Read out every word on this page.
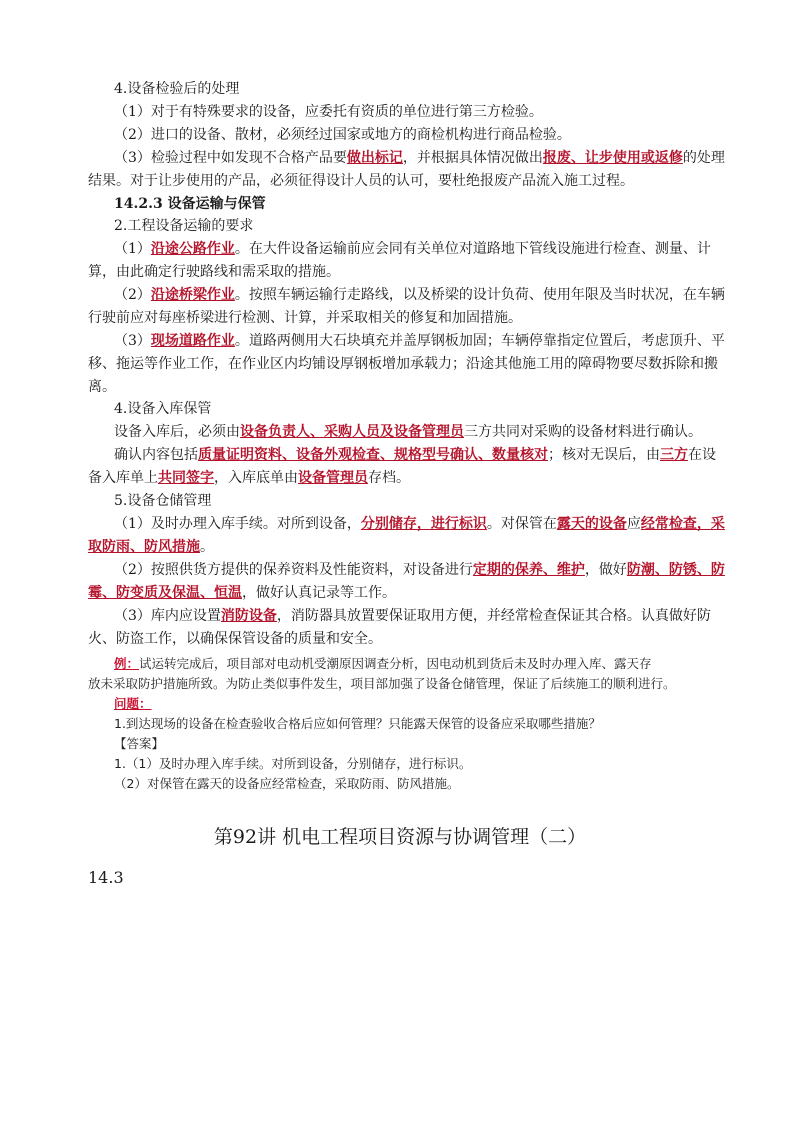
4.设备检验后的处理
（1）对于有特殊要求的设备，应委托有资质的单位进行第三方检验。
（2）进口的设备、散材，必须经过国家或地方的商检机构进行商品检验。
（3）检验过程中如发现不合格产品要做出标记，并根据具体情况做出报废、让步使用或返修的处理
结果。对于让步使用的产品，必须征得设计人员的认可，要杜绝报废产品流入施工过程。
14.2.3 设备运输与保管
2.工程设备运输的要求
（1）沿途公路作业。在大件设备运输前应会同有关单位对道路地下管线设施进行检查、测量、计
算，由此确定行驶路线和需采取的措施。
（2）沿途桥梁作业。按照车辆运输行走路线，以及桥梁的设计负荷、使用年限及当时状况，在车辆
行驶前应对每座桥梁进行检测、计算，并采取相关的修复和加固措施。
（3）现场道路作业。道路两侧用大石块填充并盖厚钢板加固；车辆停靠指定位置后，考虑顶升、平
移、拖运等作业工作，在作业区内均铺设厚钢板增加承载力；沿途其他施工用的障碍物要尽数拆除和搬
离。
4.设备入库保管
设备入库后，必须由设备负责人、采购人员及设备管理员三方共同对采购的设备材料进行确认。
确认内容包括质量证明资料、设备外观检查、规格型号确认、数量核对；核对无误后，由三方在设
备入库单上共同签字，入库底单由设备管理员存档。
5.设备仓储管理
（1）及时办理入库手续。对所到设备，分别储存，进行标识。对保管在露天的设备应经常检查，采
取防雨、防风措施。
（2）按照供货方提供的保养资料及性能资料，对设备进行定期的保养、维护，做好防潮、防锈、防
霉、防变质及保温、恒温，做好认真记录等工作。
（3）库内应设置消防设备，消防器具放置要保证取用方便，并经常检查保证其合格。认真做好防
火、防盗工作，以确保保管设备的质量和安全。
例：试运转完成后，项目部对电动机受潮原因调查分析，因电动机到货后未及时办理入库、露天存
放未采取防护措施所致。为防止类似事件发生，项目部加强了设备仓储管理，保证了后续施工的顺利进行。
问题：
1.到达现场的设备在检查验收合格后应如何管理？只能露天保管的设备应采取哪些措施？
【答案】
1.（1）及时办理入库手续。对所到设备，分别储存，进行标识。
（2）对保管在露天的设备应经常检查，采取防雨、防风措施。
第92讲 机电工程项目资源与协调管理（二）
14.3
